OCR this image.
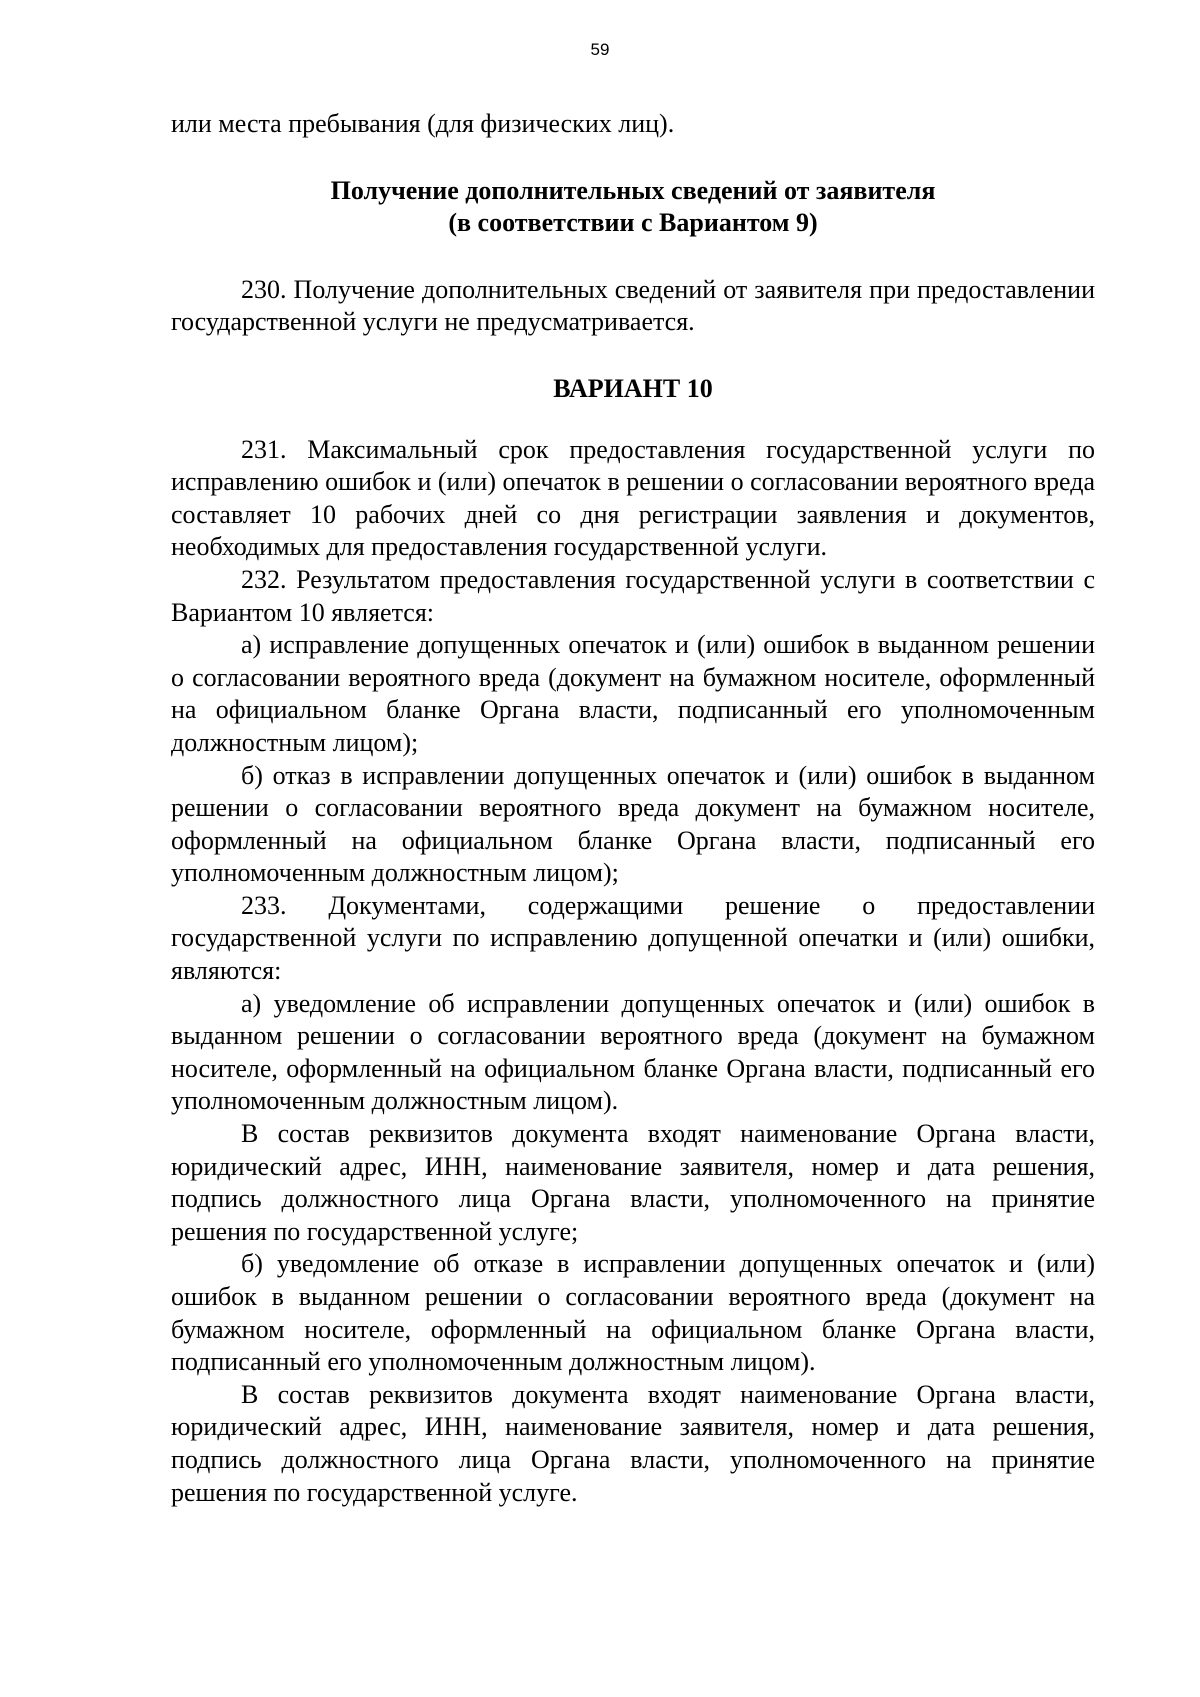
59

или места пребывания (для физических лиц).

Получение дополнительных сведений от заявителя
(в соответствии с Вариантом 9)

230. Получение дополнительных сведений от заявителя при предоставлении государственной услуги не предусматривается.

ВАРИАНТ 10

231. Максимальный срок предоставления государственной услуги по исправлению ошибок и (или) опечаток в решении о согласовании вероятного вреда составляет 10 рабочих дней со дня регистрации заявления и документов, необходимых для предоставления государственной услуги.

232. Результатом предоставления государственной услуги в соответствии с Вариантом 10 является:

а) исправление допущенных опечаток и (или) ошибок в выданном решении о согласовании вероятного вреда (документ на бумажном носителе, оформленный на официальном бланке Органа власти, подписанный его уполномоченным должностным лицом);

б) отказ в исправлении допущенных опечаток и (или) ошибок в выданном решении о согласовании вероятного вреда документ на бумажном носителе, оформленный на официальном бланке Органа власти, подписанный его уполномоченным должностным лицом);

233. Документами, содержащими решение о предоставлении государственной услуги по исправлению допущенной опечатки и (или) ошибки, являются:

а) уведомление об исправлении допущенных опечаток и (или) ошибок в выданном решении о согласовании вероятного вреда (документ на бумажном носителе, оформленный на официальном бланке Органа власти, подписанный его уполномоченным должностным лицом).

В состав реквизитов документа входят наименование Органа власти, юридический адрес, ИНН, наименование заявителя, номер и дата решения, подпись должностного лица Органа власти, уполномоченного на принятие решения по государственной услуге;

б) уведомление об отказе в исправлении допущенных опечаток и (или) ошибок в выданном решении о согласовании вероятного вреда (документ на бумажном носителе, оформленный на официальном бланке Органа власти, подписанный его уполномоченным должностным лицом).

В состав реквизитов документа входят наименование Органа власти, юридический адрес, ИНН, наименование заявителя, номер и дата решения, подпись должностного лица Органа власти, уполномоченного на принятие решения по государственной услуге.
